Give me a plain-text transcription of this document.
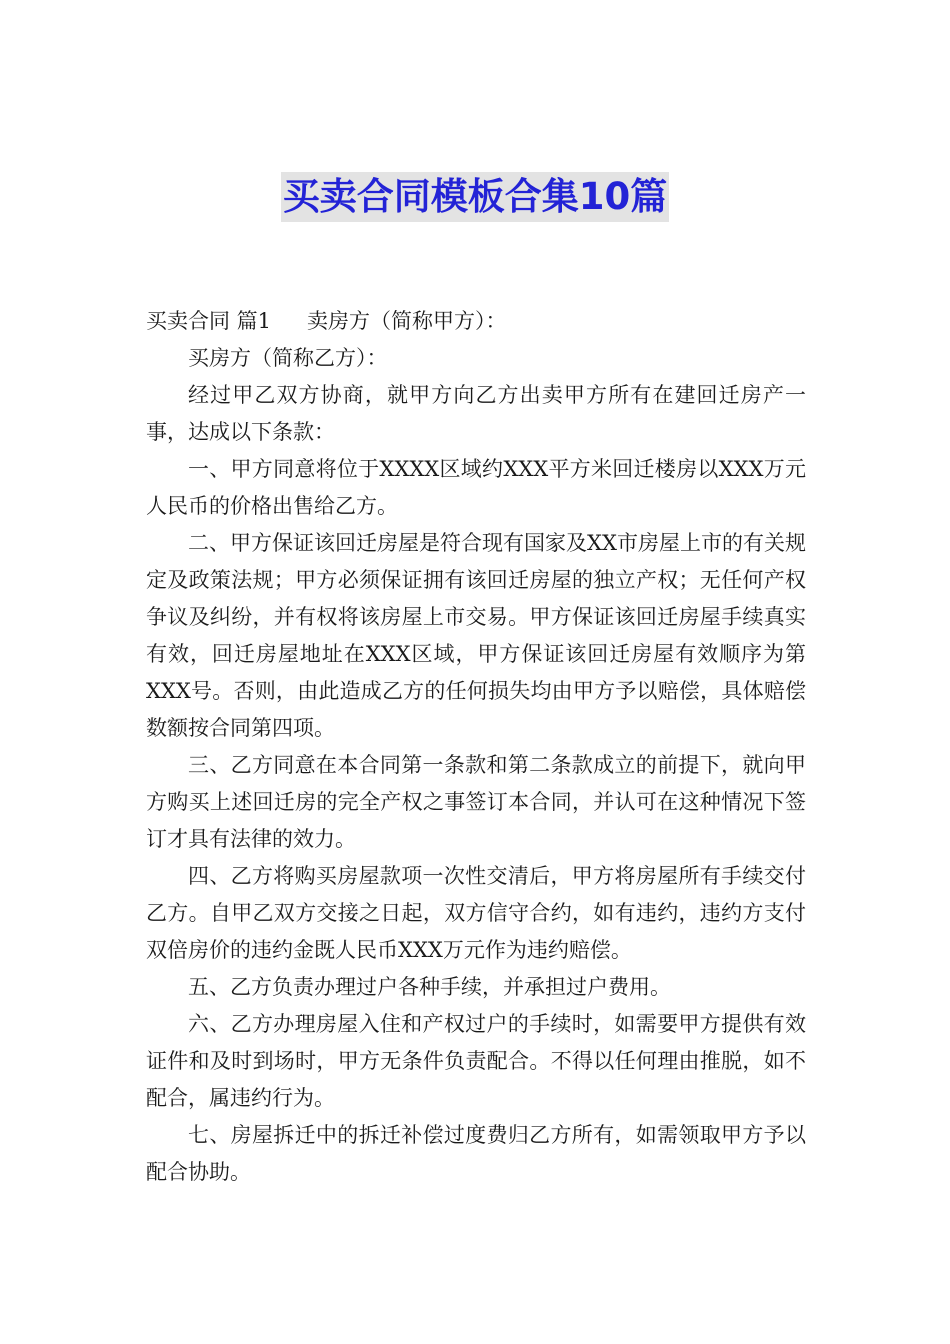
买卖合同模板合集10篇

买卖合同 篇1 卖房方（简称甲方）：

买房方（简称乙方）：

经过甲乙双方协商，就甲方向乙方出卖甲方所有在建回迁房产一事，达成以下条款：

一、甲方同意将位于XXXX区域约XXX平方米回迁楼房以XXX万元人民币的价格出售给乙方。

二、甲方保证该回迁房屋是符合现有国家及XX市房屋上市的有关规定及政策法规；甲方必须保证拥有该回迁房屋的独立产权；无任何产权争议及纠纷，并有权将该房屋上市交易。甲方保证该回迁房屋手续真实有效，回迁房屋地址在XXX区域，甲方保证该回迁房屋有效顺序为第XXX号。否则，由此造成乙方的任何损失均由甲方予以赔偿，具体赔偿数额按合同第四项。

三、乙方同意在本合同第一条款和第二条款成立的前提下，就向甲方购买上述回迁房的完全产权之事签订本合同，并认可在这种情况下签订才具有法律的效力。

四、乙方将购买房屋款项一次性交清后，甲方将房屋所有手续交付乙方。自甲乙双方交接之日起，双方信守合约，如有违约，违约方支付双倍房价的违约金既人民币XXX万元作为违约赔偿。

五、乙方负责办理过户各种手续，并承担过户费用。

六、乙方办理房屋入住和产权过户的手续时，如需要甲方提供有效证件和及时到场时，甲方无条件负责配合。不得以任何理由推脱，如不配合，属违约行为。

七、房屋拆迁中的拆迁补偿过度费归乙方所有，如需领取甲方予以配合协助。
